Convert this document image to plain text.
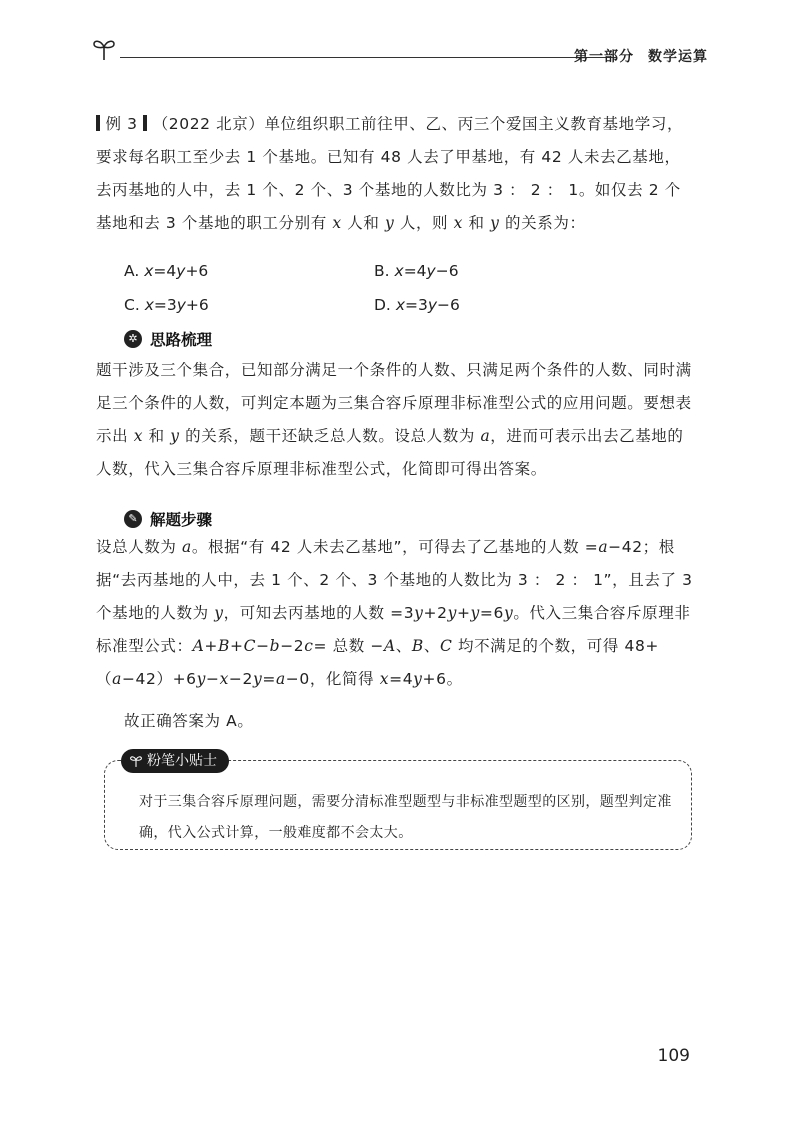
第一部分 数学运算
例 3 （2022 北京）单位组织职工前往甲、乙、丙三个爱国主义教育基地学习，要求每名职工至少去 1 个基地。已知有 48 人去了甲基地，有 42 人未去乙基地，去丙基地的人中，去 1 个、2 个、3 个基地的人数比为 3 ： 2 ： 1。如仅去 2 个基地和去 3 个基地的职工分别有 x 人和 y 人，则 x 和 y 的关系为：
A. x=4y+6	B. x=4y−6
C. x=3y+6	D. x=3y−6
✲ 思路梳理
题干涉及三个集合，已知部分满足一个条件的人数、只满足两个条件的人数、同时满足三个条件的人数，可判定本题为三集合容斥原理非标准型公式的应用问题。要想表示出 x 和 y 的关系，题干还缺乏总人数。设总人数为 a，进而可表示出去乙基地的人数，代入三集合容斥原理非标准型公式，化简即可得出答案。
✎ 解题步骤
设总人数为 a。根据“有 42 人未去乙基地”，可得去了乙基地的人数 =a−42；根据“去丙基地的人中，去 1 个、2 个、3 个基地的人数比为 3 ： 2 ： 1”，且去了 3 个基地的人数为 y，可知去丙基地的人数 =3y+2y+y=6y。代入三集合容斥原理非标准型公式：A+B+C−b−2c= 总数 −A、B、C 均不满足的个数，可得 48+（a−42）+6y−x−2y=a−0，化简得 x=4y+6。
故正确答案为 A。
粉笔小贴士
对于三集合容斥原理问题，需要分清标准型题型与非标准型题型的区别，题型判定准确，代入公式计算，一般难度都不会太大。
109
